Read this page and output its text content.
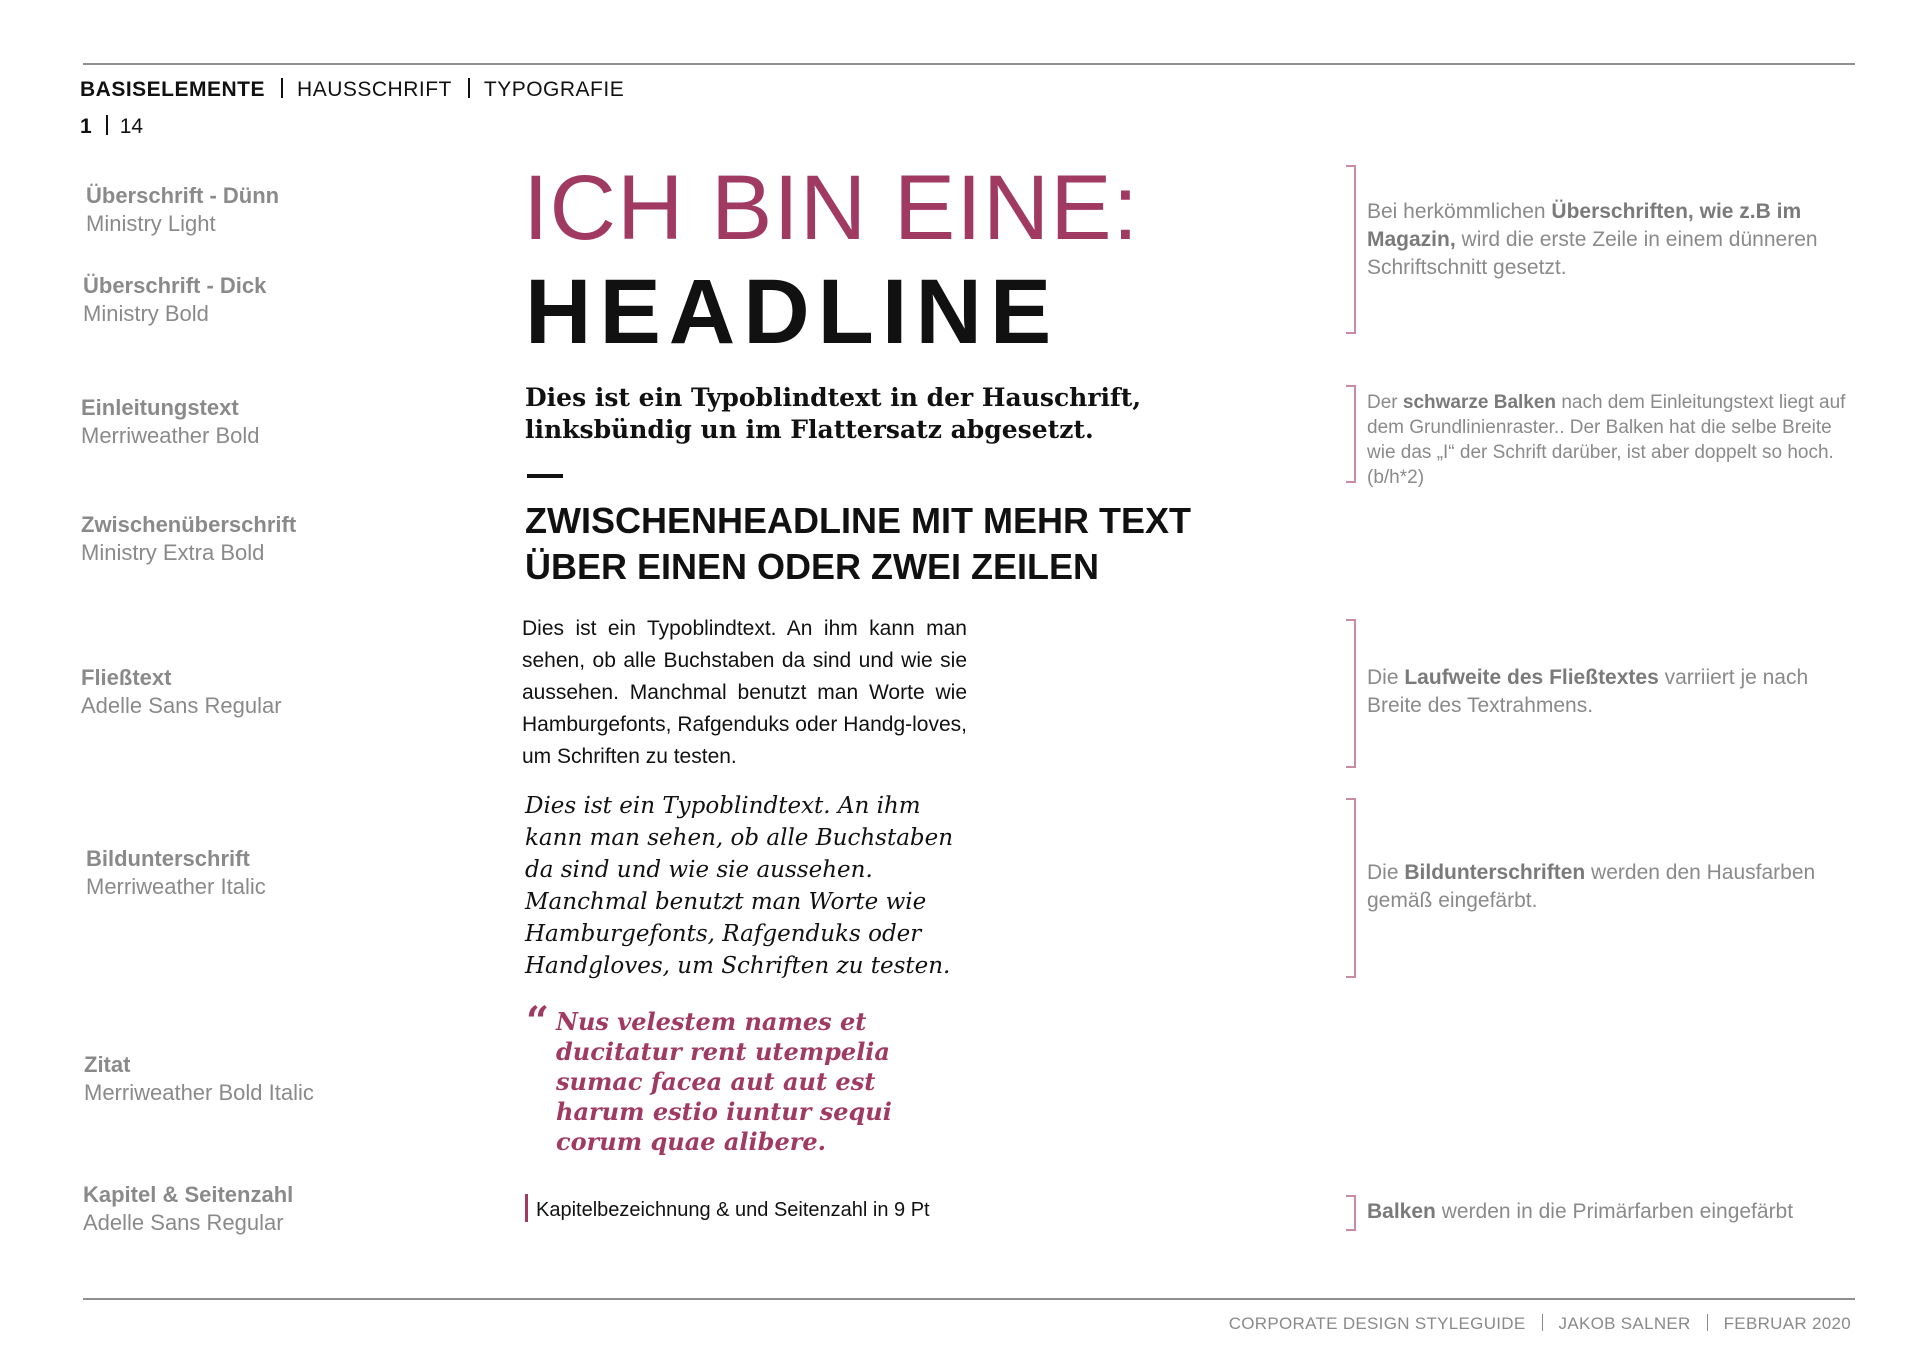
BASISELEMENTE HAUSSCHRIFT TYPOGRAFIE
1 14
Überschrift - Dünn
Ministry Light
Überschrift - Dick
Ministry Bold
Einleitungstext
Merriweather Bold
Zwischenüberschrift
Ministry Extra Bold
Fließtext
Adelle Sans Regular
Bildunterschrift
Merriweather Italic
Zitat
Merriweather Bold Italic
Kapitel & Seitenzahl
Adelle Sans Regular
ICH BIN EINE:
HEADLINE
Dies ist ein Typoblindtext in der Hauschrift, linksbündig un im Flattersatz abgesetzt.
ZWISCHENHEADLINE MIT MEHR TEXT
ÜBER EINEN ODER ZWEI ZEILEN
Dies ist ein Typoblindtext. An ihm kann man sehen, ob alle Buchstaben da sind und wie sie aussehen. Manchmal benutzt man Worte wie Hamburgefonts, Rafgenduks oder Handg-loves, um Schriften zu testen.
Dies ist ein Typoblindtext. An ihm kann man sehen, ob alle Buchstaben da sind und wie sie aussehen. Manchmal benutzt man Worte wie Hamburgefonts, Rafgenduks oder Handgloves, um Schriften zu testen.
“ Nus velestem names et ducitatur rent utempelia sumac facea aut aut est harum estio iuntur sequi corum quae alibere.
Kapitelbezeichnung & und Seitenzahl in 9 Pt
Bei herkömmlichen Überschriften, wie z.B im Magazin, wird die erste Zeile in einem dünneren Schriftschnitt gesetzt.
Der schwarze Balken nach dem Einleitungstext liegt auf dem Grundlinienraster.. Der Balken hat die selbe Breite wie das „I“ der Schrift darüber, ist aber doppelt so hoch. (b/h*2)
Die Laufweite des Fließtextes varriiert je nach Breite des Textrahmens.
Die Bildunterschriften werden den Hausfarben gemäß eingefärbt.
Balken werden in die Primärfarben eingefärbt
CORPORATE DESIGN STYLEGUIDE JAKOB SALNER FEBRUAR 2020
